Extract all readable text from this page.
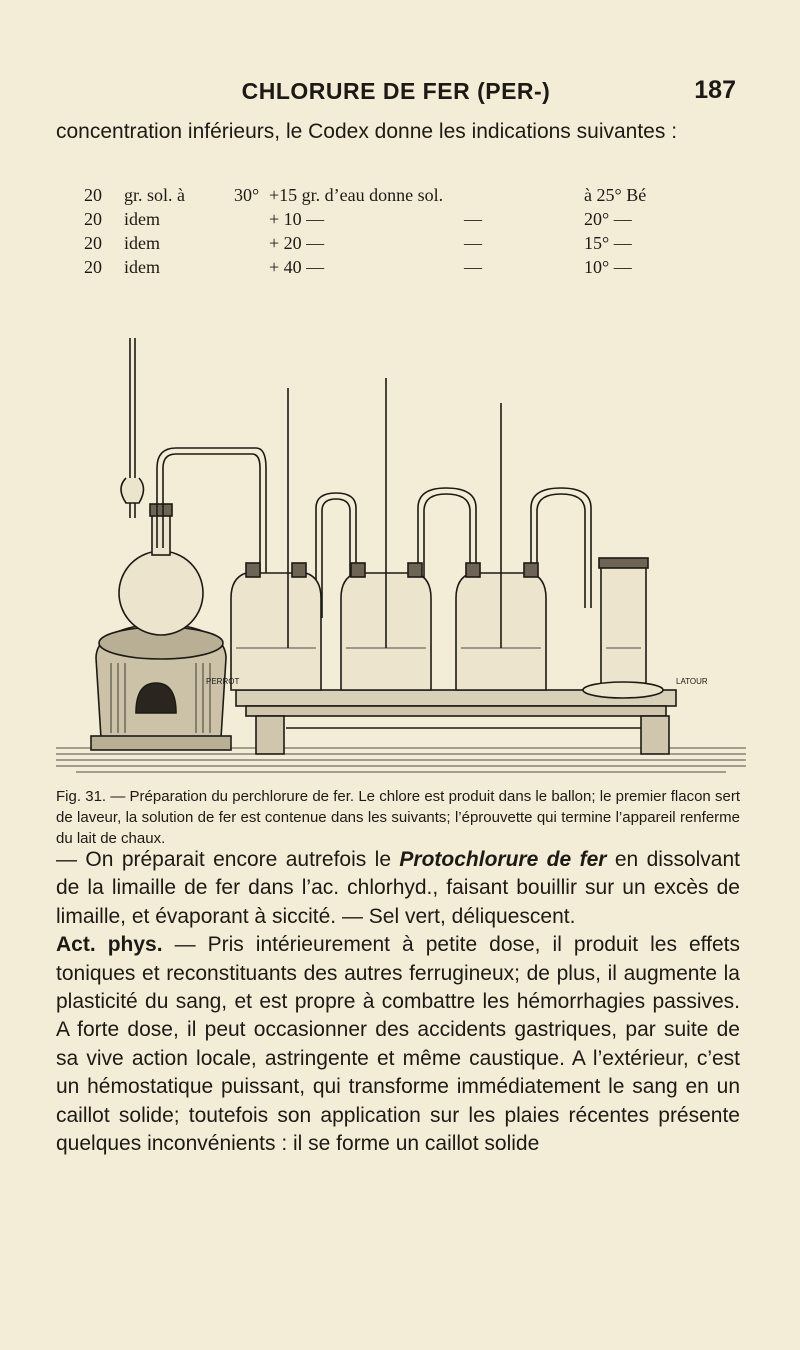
CHLORURE DE FER (PER-)	187
concentration inférieurs, le Codex donne les indications suivantes :
20 gr. sol. à	30° +15 gr. d’eau donne sol.	à 25° Bé
20 idem	+ 10 —	—	20° —
20 idem	+ 20 —	—	15° —
20 idem	+ 40 —	—	10° —
PERROT	LATOUR
Fig. 31. — Préparation du perchlorure de fer. Le chlore est produit dans le ballon; le premier flacon sert de laveur, la solution de fer est contenue dans les suivants; l’éprouvette qui termine l’appareil renferme du lait de chaux.

— On préparait encore autrefois le Protochlorure de fer en dissolvant de la limaille de fer dans l’ac. chlorhyd., faisant bouillir sur un excès de limaille, et évaporant à siccité. — Sel vert, déliquescent.

Act. phys. — Pris intérieurement à petite dose, il produit les effets toniques et reconstituants des autres ferrugineux; de plus, il augmente la plasticité du sang, et est propre à combattre les hémorrhagies passives. A forte dose, il peut occasionner des accidents gastriques, par suite de sa vive action locale, astringente et même caustique. A l’extérieur, c’est un hémostatique puissant, qui transforme immédiatement le sang en un caillot solide; toutefois son application sur les plaies récentes présente quelques inconvénients : il se forme un caillot solide
